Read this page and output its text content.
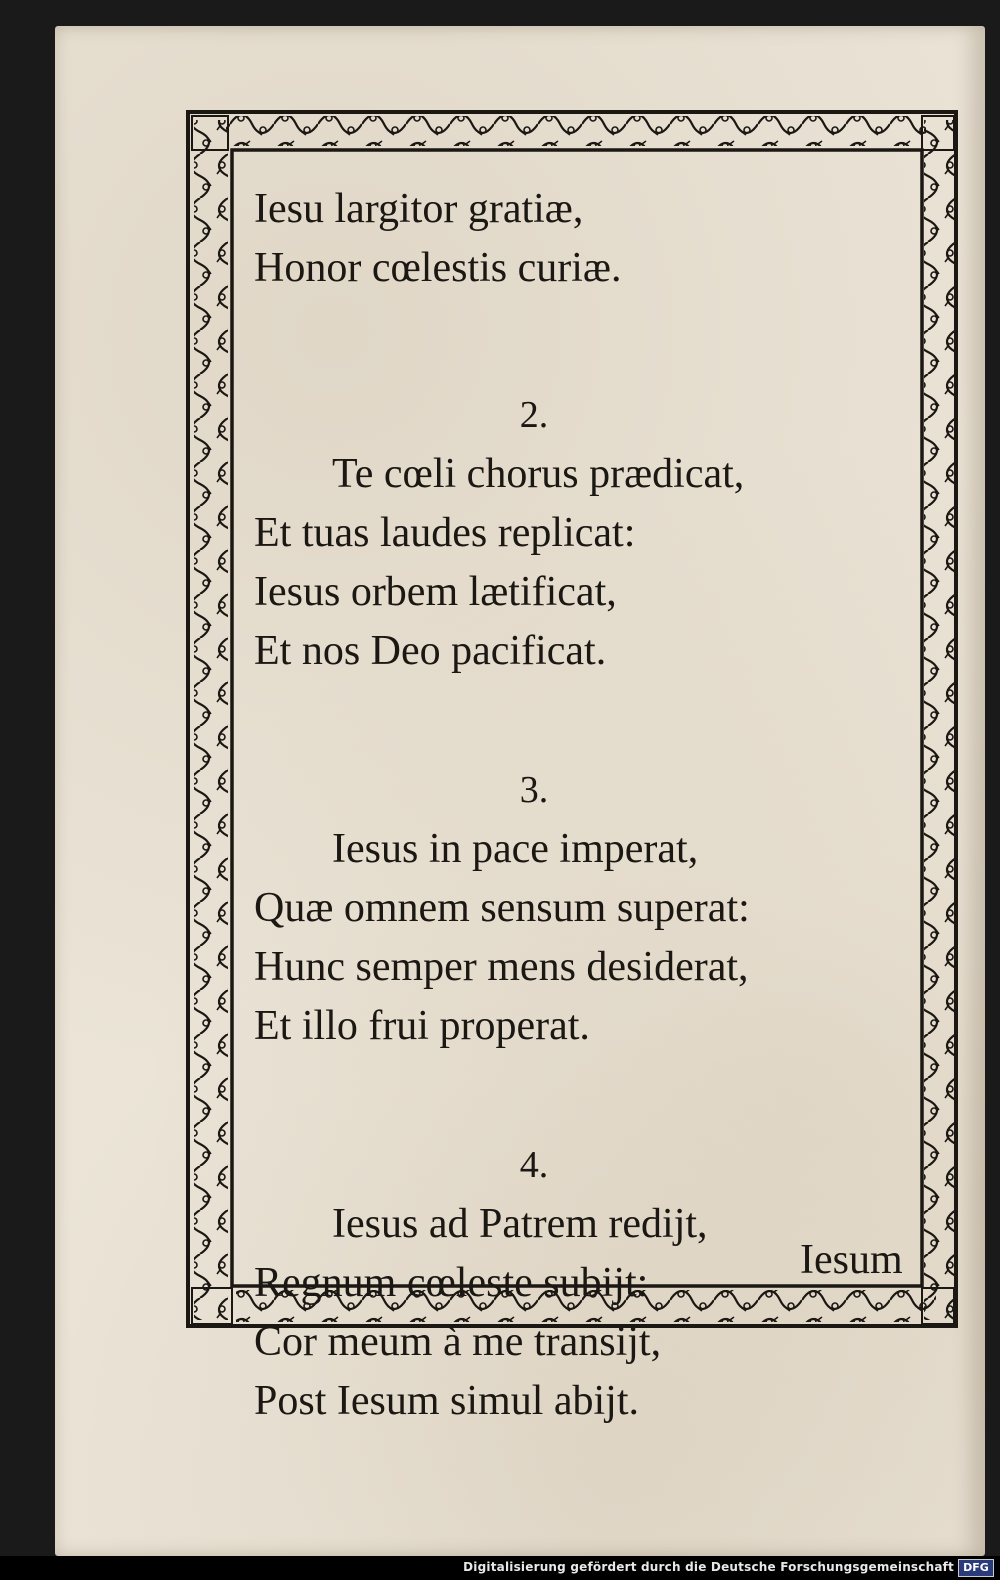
Iesu largitor gratiæ,
Honor cœlestis curiæ.
2.
Te cœli chorus prædicat,
Et tuas laudes replicat:
Iesus orbem lætificat,
Et nos Deo pacificat.
3.
Iesus in pace imperat,
Quæ omnem sensum superat:
Hunc semper mens desiderat,
Et illo frui properat.
4.
Iesus ad Patrem redijt,
Regnum cœleste subijt:
Cor meum à me transijt,
Post Iesum simul abijt.
Iesum
Digitalisierung gefördert durch die Deutsche Forschungsgemeinschaft DFG
